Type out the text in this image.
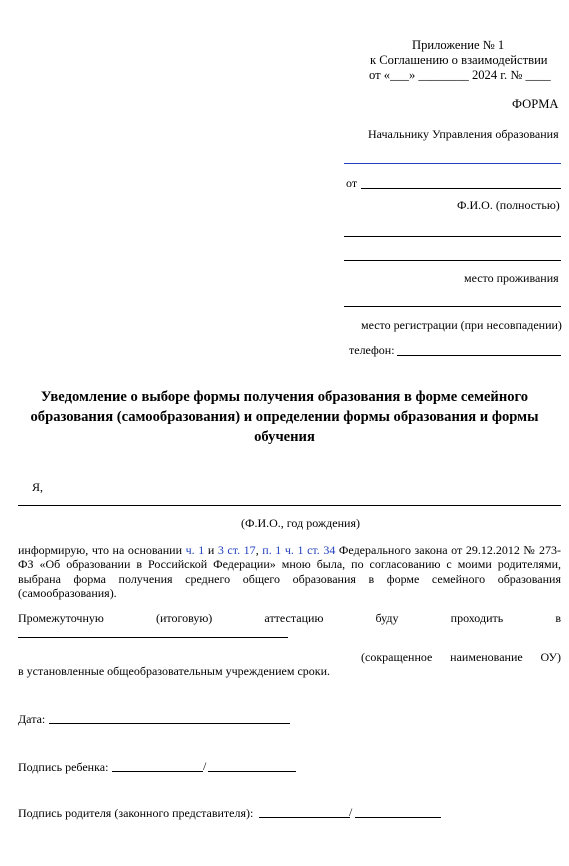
Приложение № 1
к Соглашению о взаимодействии
от «___» ________ 2024 г. № ____
ФОРМА
Начальнику Управления образования
от
Ф.И.О. (полностью)
место проживания
место регистрации (при несовпадении)
телефон:
Уведомление о выборе формы получения образования в форме семейного
образования (самообразования) и определении формы образования и формы
обучения
Я,
(Ф.И.О., год рождения)
информирую, что на основании ч. 1 и 3 ст. 17, п. 1 ч. 1 ст. 34 Федерального закона от 29.12.2012 № 273-
ФЗ «Об образовании в Российской Федерации» мною была, по согласованию с моими родителями,
выбрана форма получения среднего общего образования в форме семейного образования
(самообразования).
Промежуточную (итоговую) аттестацию буду проходить в
(сокращенное наименование ОУ)
в установленные общеобразовательным учреждением сроки.
Дата:
Подпись ребенка:	/
Подпись родителя (законного представителя):	/
